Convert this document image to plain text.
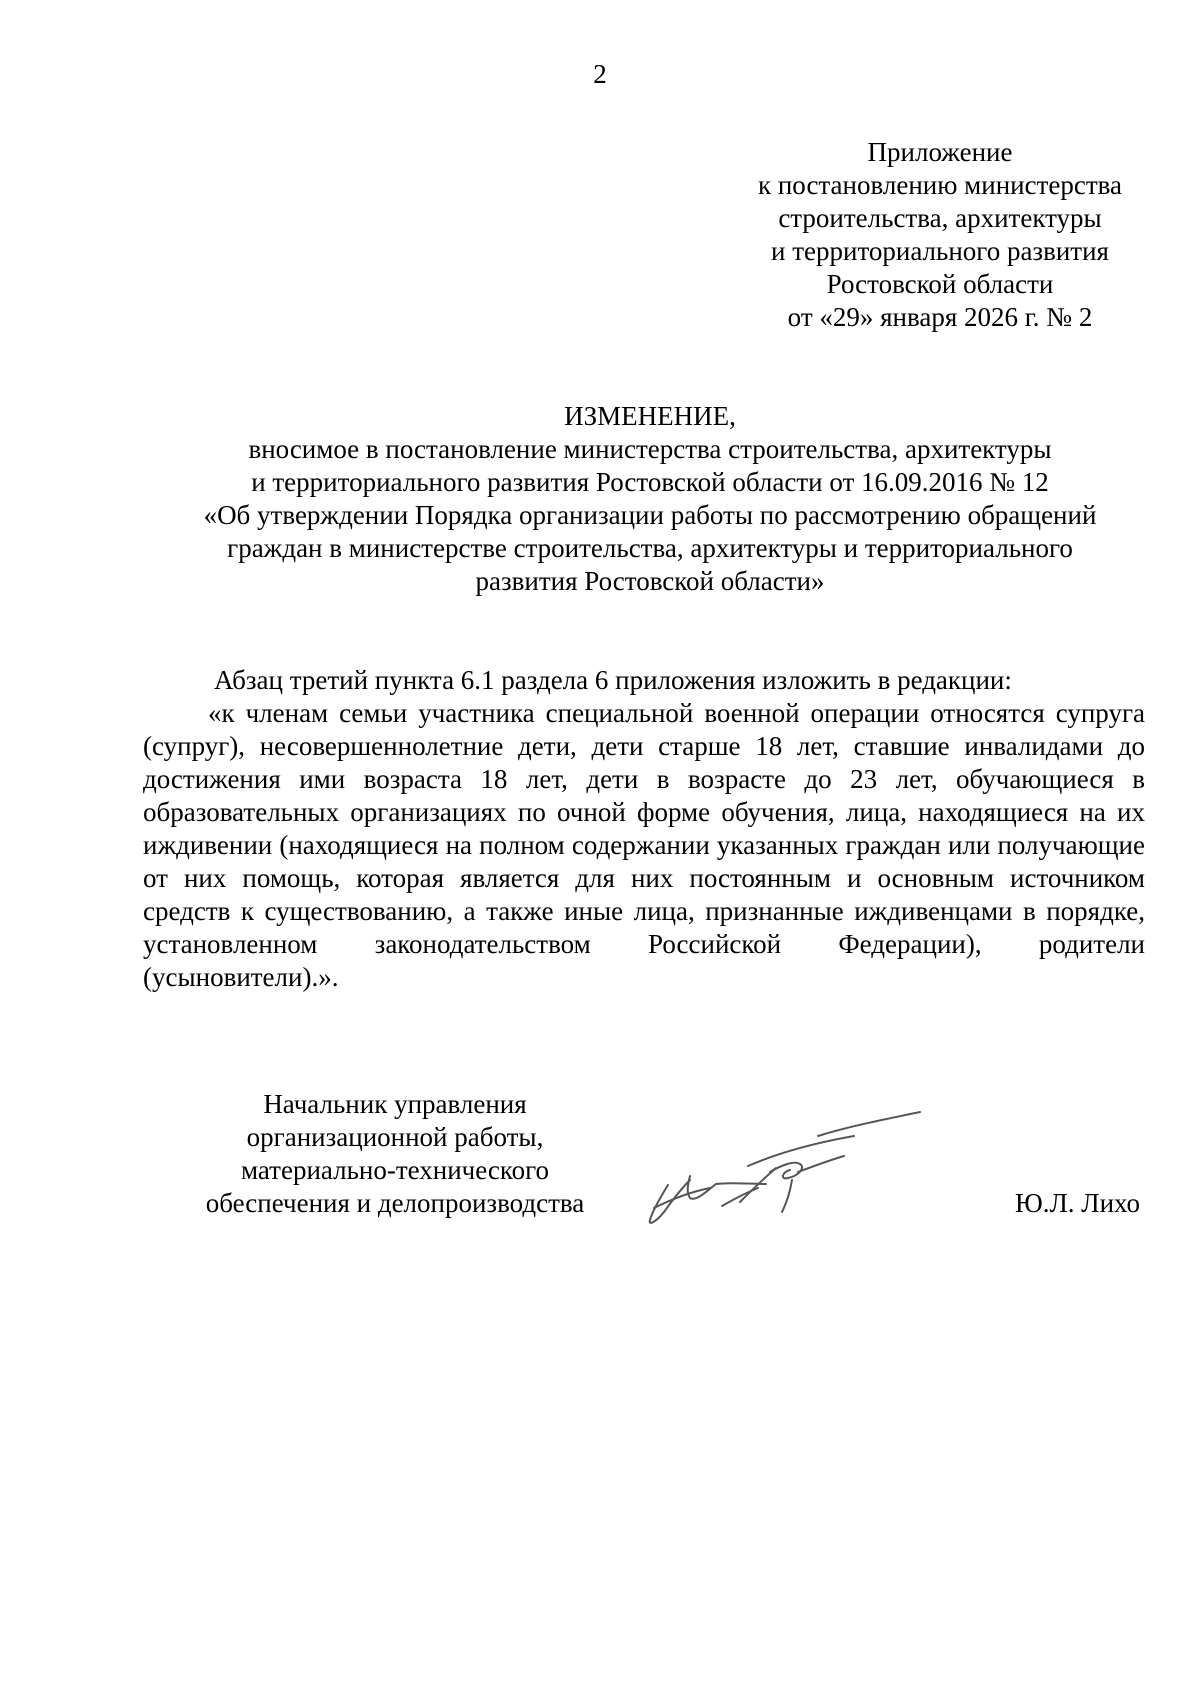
2
Приложение
к постановлению министерства
строительства, архитектуры
и территориального развития
Ростовской области
от «29» января 2026 г. № 2
ИЗМЕНЕНИЕ,
вносимое в постановление министерства строительства, архитектуры
и территориального развития Ростовской области от 16.09.2016 № 12
«Об утверждении Порядка организации работы по рассмотрению обращений
граждан в министерстве строительства, архитектуры и территориального
развития Ростовской области»
Абзац третий пункта 6.1 раздела 6 приложения изложить в редакции:
«к членам семьи участника специальной военной операции относятся супруга (супруг), несовершеннолетние дети, дети старше 18 лет, ставшие инвалидами до достижения ими возраста 18 лет, дети в возрасте до 23 лет, обучающиеся в образовательных организациях по очной форме обучения, лица, находящиеся на их иждивении (находящиеся на полном содержании указанных граждан или получающие от них помощь, которая является для них постоянным и основным источником средств к существованию, а также иные лица, признанные иждивенцами в порядке, установленном законодательством Российской Федерации), родители (усыновители).».
Начальник управления
организационной работы,
материально-технического
обеспечения и делопроизводства	Ю.Л. Лихо
